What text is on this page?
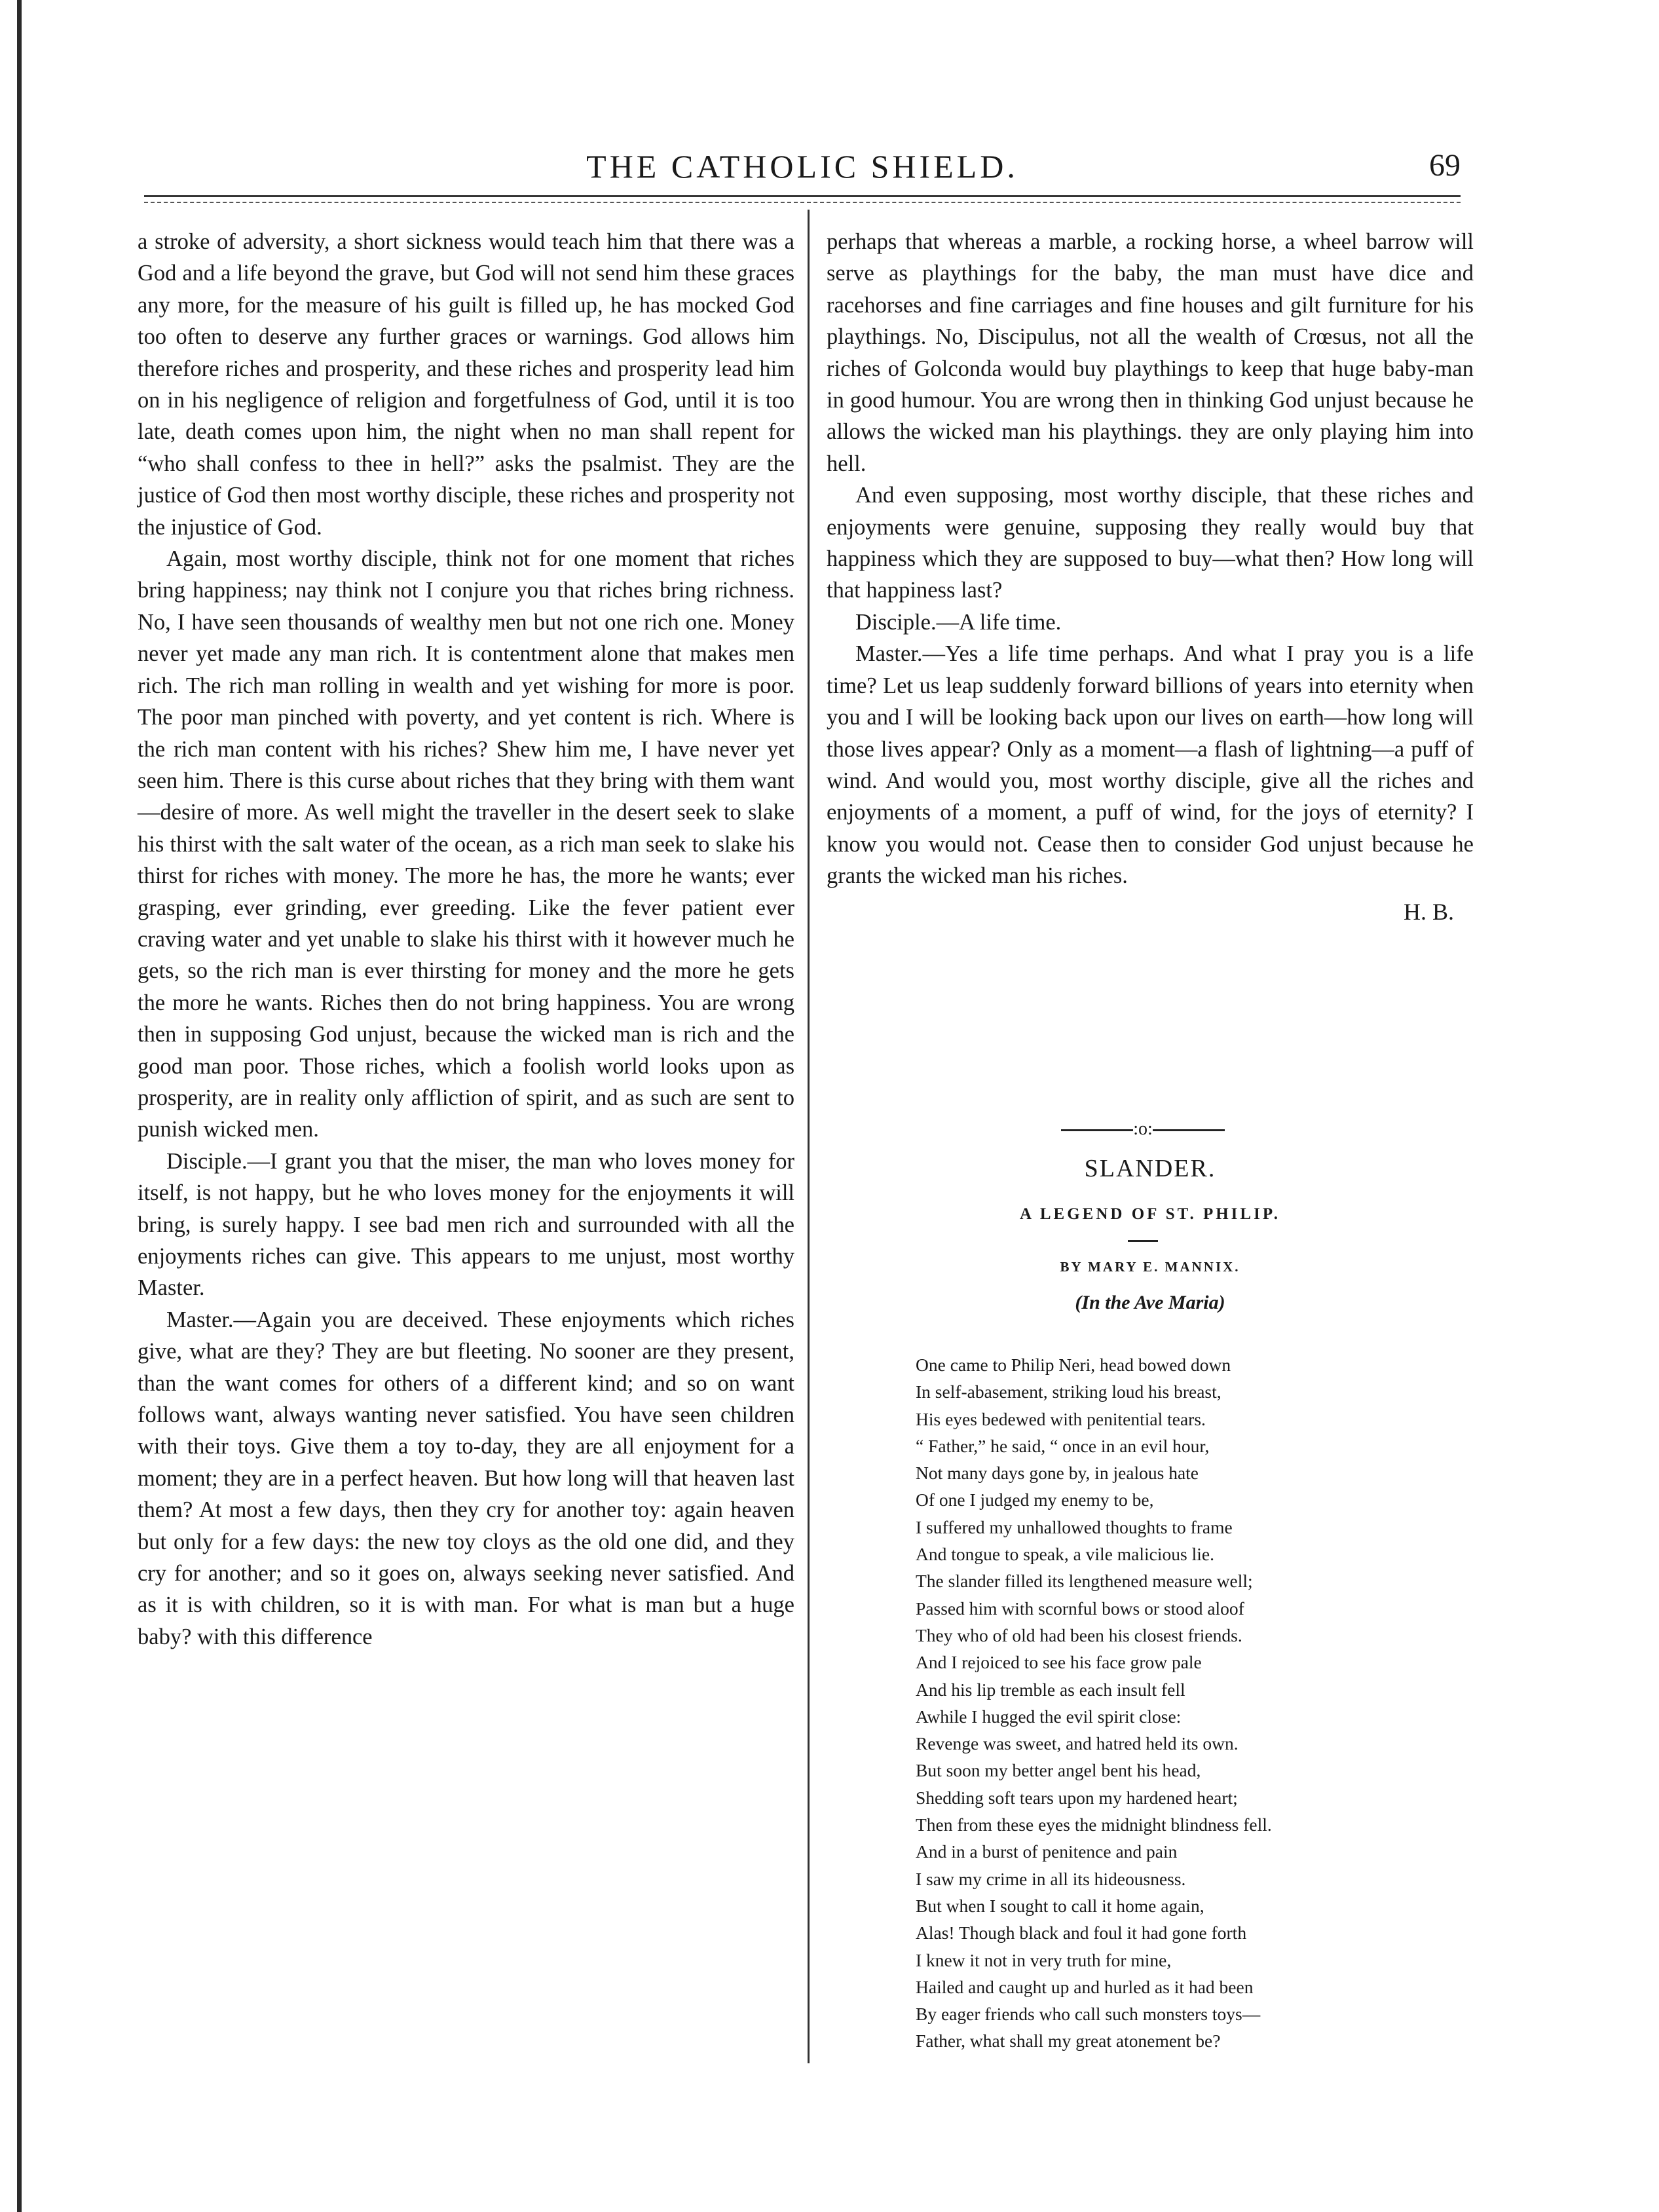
THE CATHOLIC SHIELD.	69

a stroke of adversity, a short sickness would teach him that there was a God and a life beyond the grave, but God will not send him these graces any more, for the measure of his guilt is filled up, he has mocked God too often to deserve any further graces or warnings. God allows him therefore riches and prosperity, and these riches and prosperity lead him on in his negligence of religion and forgetfulness of God, until it is too late, death comes upon him, the night when no man shall repent for “who shall confess to thee in hell?” asks the psalmist. They are the justice of God then most worthy disciple, these riches and prosperity not the injustice of God.

Again, most worthy disciple, think not for one moment that riches bring happiness; nay think not I conjure you that riches bring richness. No, I have seen thousands of wealthy men but not one rich one. Money never yet made any man rich. It is contentment alone that makes men rich. The rich man rolling in wealth and yet wishing for more is poor. The poor man pinched with poverty, and yet content is rich. Where is the rich man content with his riches? Shew him me, I have never yet seen him. There is this curse about riches that they bring with them want—desire of more. As well might the traveller in the desert seek to slake his thirst with the salt water of the ocean, as a rich man seek to slake his thirst for riches with money. The more he has, the more he wants; ever grasping, ever grinding, ever greeding. Like the fever patient ever craving water and yet unable to slake his thirst with it however much he gets, so the rich man is ever thirsting for money and the more he gets the more he wants. Riches then do not bring happiness. You are wrong then in supposing God unjust, because the wicked man is rich and the good man poor. Those riches, which a foolish world looks upon as prosperity, are in reality only affliction of spirit, and as such are sent to punish wicked men.

Disciple.—I grant you that the miser, the man who loves money for itself, is not happy, but he who loves money for the enjoyments it will bring, is surely happy. I see bad men rich and surrounded with all the enjoyments riches can give. This appears to me unjust, most worthy Master.

Master.—Again you are deceived. These enjoyments which riches give, what are they? They are but fleeting. No sooner are they present, than the want comes for others of a different kind; and so on want follows want, always wanting never satisfied. You have seen children with their toys. Give them a toy to-day, they are all enjoyment for a moment; they are in a perfect heaven. But how long will that heaven last them? At most a few days, then they cry for another toy: again heaven but only for a few days: the new toy cloys as the old one did, and they cry for another; and so it goes on, always seeking never satisfied. And as it is with children, so it is with man. For what is man but a huge baby? with this difference

perhaps that whereas a marble, a rocking horse, a wheel barrow will serve as playthings for the baby, the man must have dice and racehorses and fine carriages and fine houses and gilt furniture for his playthings. No, Discipulus, not all the wealth of Crœsus, not all the riches of Golconda would buy playthings to keep that huge baby-man in good humour. You are wrong then in thinking God unjust because he allows the wicked man his playthings. they are only playing him into hell.

And even supposing, most worthy disciple, that these riches and enjoyments were genuine, supposing they really would buy that happiness which they are supposed to buy—what then? How long will that happiness last?

Disciple.—A life time.

Master.—Yes a life time perhaps. And what I pray you is a life time? Let us leap suddenly forward billions of years into eternity when you and I will be looking back upon our lives on earth—how long will those lives appear? Only as a moment—a flash of lightning—a puff of wind. And would you, most worthy disciple, give all the riches and enjoyments of a moment, a puff of wind, for the joys of eternity? I know you would not. Cease then to consider God unjust because he grants the wicked man his riches.

H. B.
:o:
SLANDER.
A LEGEND OF ST. PHILIP.
BY MARY E. MANNIX.
(In the Ave Maria)
One came to Philip Neri, head bowed down
In self-abasement, striking loud his breast,
His eyes bedewed with penitential tears.
“ Father,” he said, “ once in an evil hour,
Not many days gone by, in jealous hate
Of one I judged my enemy to be,
I suffered my unhallowed thoughts to frame
And tongue to speak, a vile malicious lie.
The slander filled its lengthened measure well;
Passed him with scornful bows or stood aloof
They who of old had been his closest friends.
And I rejoiced to see his face grow pale
And his lip tremble as each insult fell
Awhile I hugged the evil spirit close:
Revenge was sweet, and hatred held its own.
But soon my better angel bent his head,
Shedding soft tears upon my hardened heart;
Then from these eyes the midnight blindness fell.
And in a burst of penitence and pain
I saw my crime in all its hideousness.
But when I sought to call it home again,
Alas! Though black and foul it had gone forth
I knew it not in very truth for mine,
Hailed and caught up and hurled as it had been
By eager friends who call such monsters toys—
Father, what shall my great atonement be?
